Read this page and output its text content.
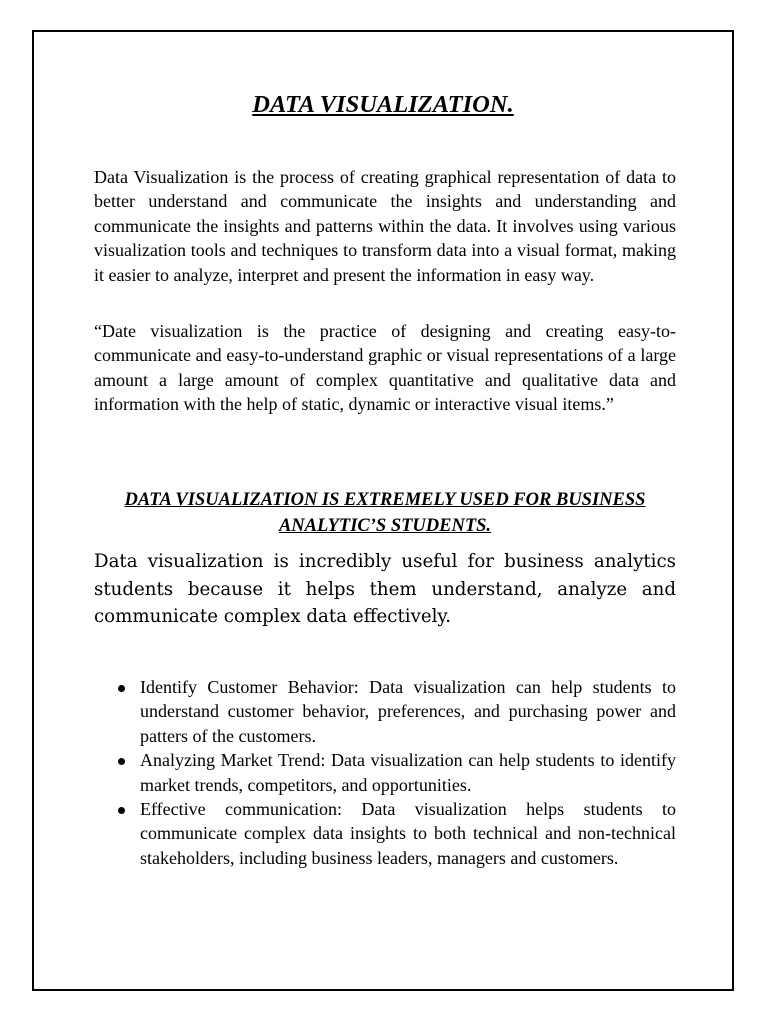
DATA VISUALIZATION.

Data Visualization is the process of creating graphical representation of data to better understand and communicate the insights and understanding and communicate the insights and patterns within the data. It involves using various visualization tools and techniques to transform data into a visual format, making it easier to analyze, interpret and present the information in easy way.

“Date visualization is the practice of designing and creating easy-to-communicate and easy-to-understand graphic or visual representations of a large amount a large amount of complex quantitative and qualitative data and information with the help of static, dynamic or interactive visual items.”

DATA VISUALIZATION IS EXTREMELY USED FOR BUSINESS ANALYTIC’S STUDENTS.

Data visualization is incredibly useful for business analytics students because it helps them understand, analyze and communicate complex data effectively.

Identify Customer Behavior: Data visualization can help students to understand customer behavior, preferences, and purchasing power and patters of the customers.
Analyzing Market Trend: Data visualization can help students to identify market trends, competitors, and opportunities.
Effective communication: Data visualization helps students to communicate complex data insights to both technical and non-technical stakeholders, including business leaders, managers and customers.
